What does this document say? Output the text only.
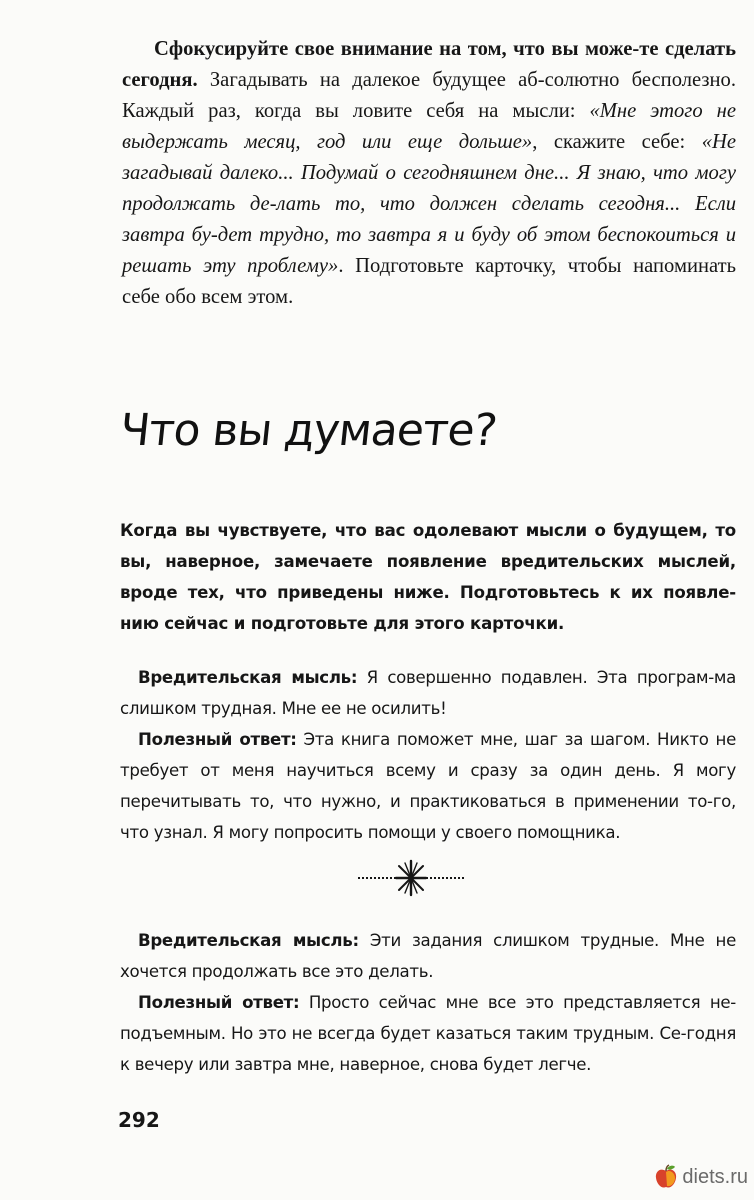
Сфокусируйте свое внимание на том, что вы може-те сделать сегодня. Загадывать на далекое будущее аб-солютно бесполезно. Каждый раз, когда вы ловите себя на мысли: «Мне этого не выдержать месяц, год или еще дольше», скажите себе: «Не загадывай далеко... Подумай о сегодняшнем дне... Я знаю, что могу продолжать де-лать то, что должен сделать сегодня... Если завтра бу-дет трудно, то завтра я и буду об этом беспокоиться и решать эту проблему». Подготовьте карточку, чтобы напоминать себе обо всем этом.

Что вы думаете?

Когда вы чувствуете, что вас одолевают мысли о будущем, то вы, наверное, замечаете появление вредительских мыслей, вроде тех, что приведены ниже. Подготовьтесь к их появле-нию сейчас и подготовьте для этого карточки.

Вредительская мысль: Я совершенно подавлен. Эта програм-ма слишком трудная. Мне ее не осилить!

Полезный ответ: Эта книга поможет мне, шаг за шагом. Никто не требует от меня научиться всему и сразу за один день. Я могу перечитывать то, что нужно, и практиковаться в применении то-го, что узнал. Я могу попросить помощи у своего помощника.

Вредительская мысль: Эти задания слишком трудные. Мне не хочется продолжать все это делать.

Полезный ответ: Просто сейчас мне все это представляется не-подъемным. Но это не всегда будет казаться таким трудным. Се-годня к вечеру или завтра мне, наверное, снова будет легче.

292

diets.ru
